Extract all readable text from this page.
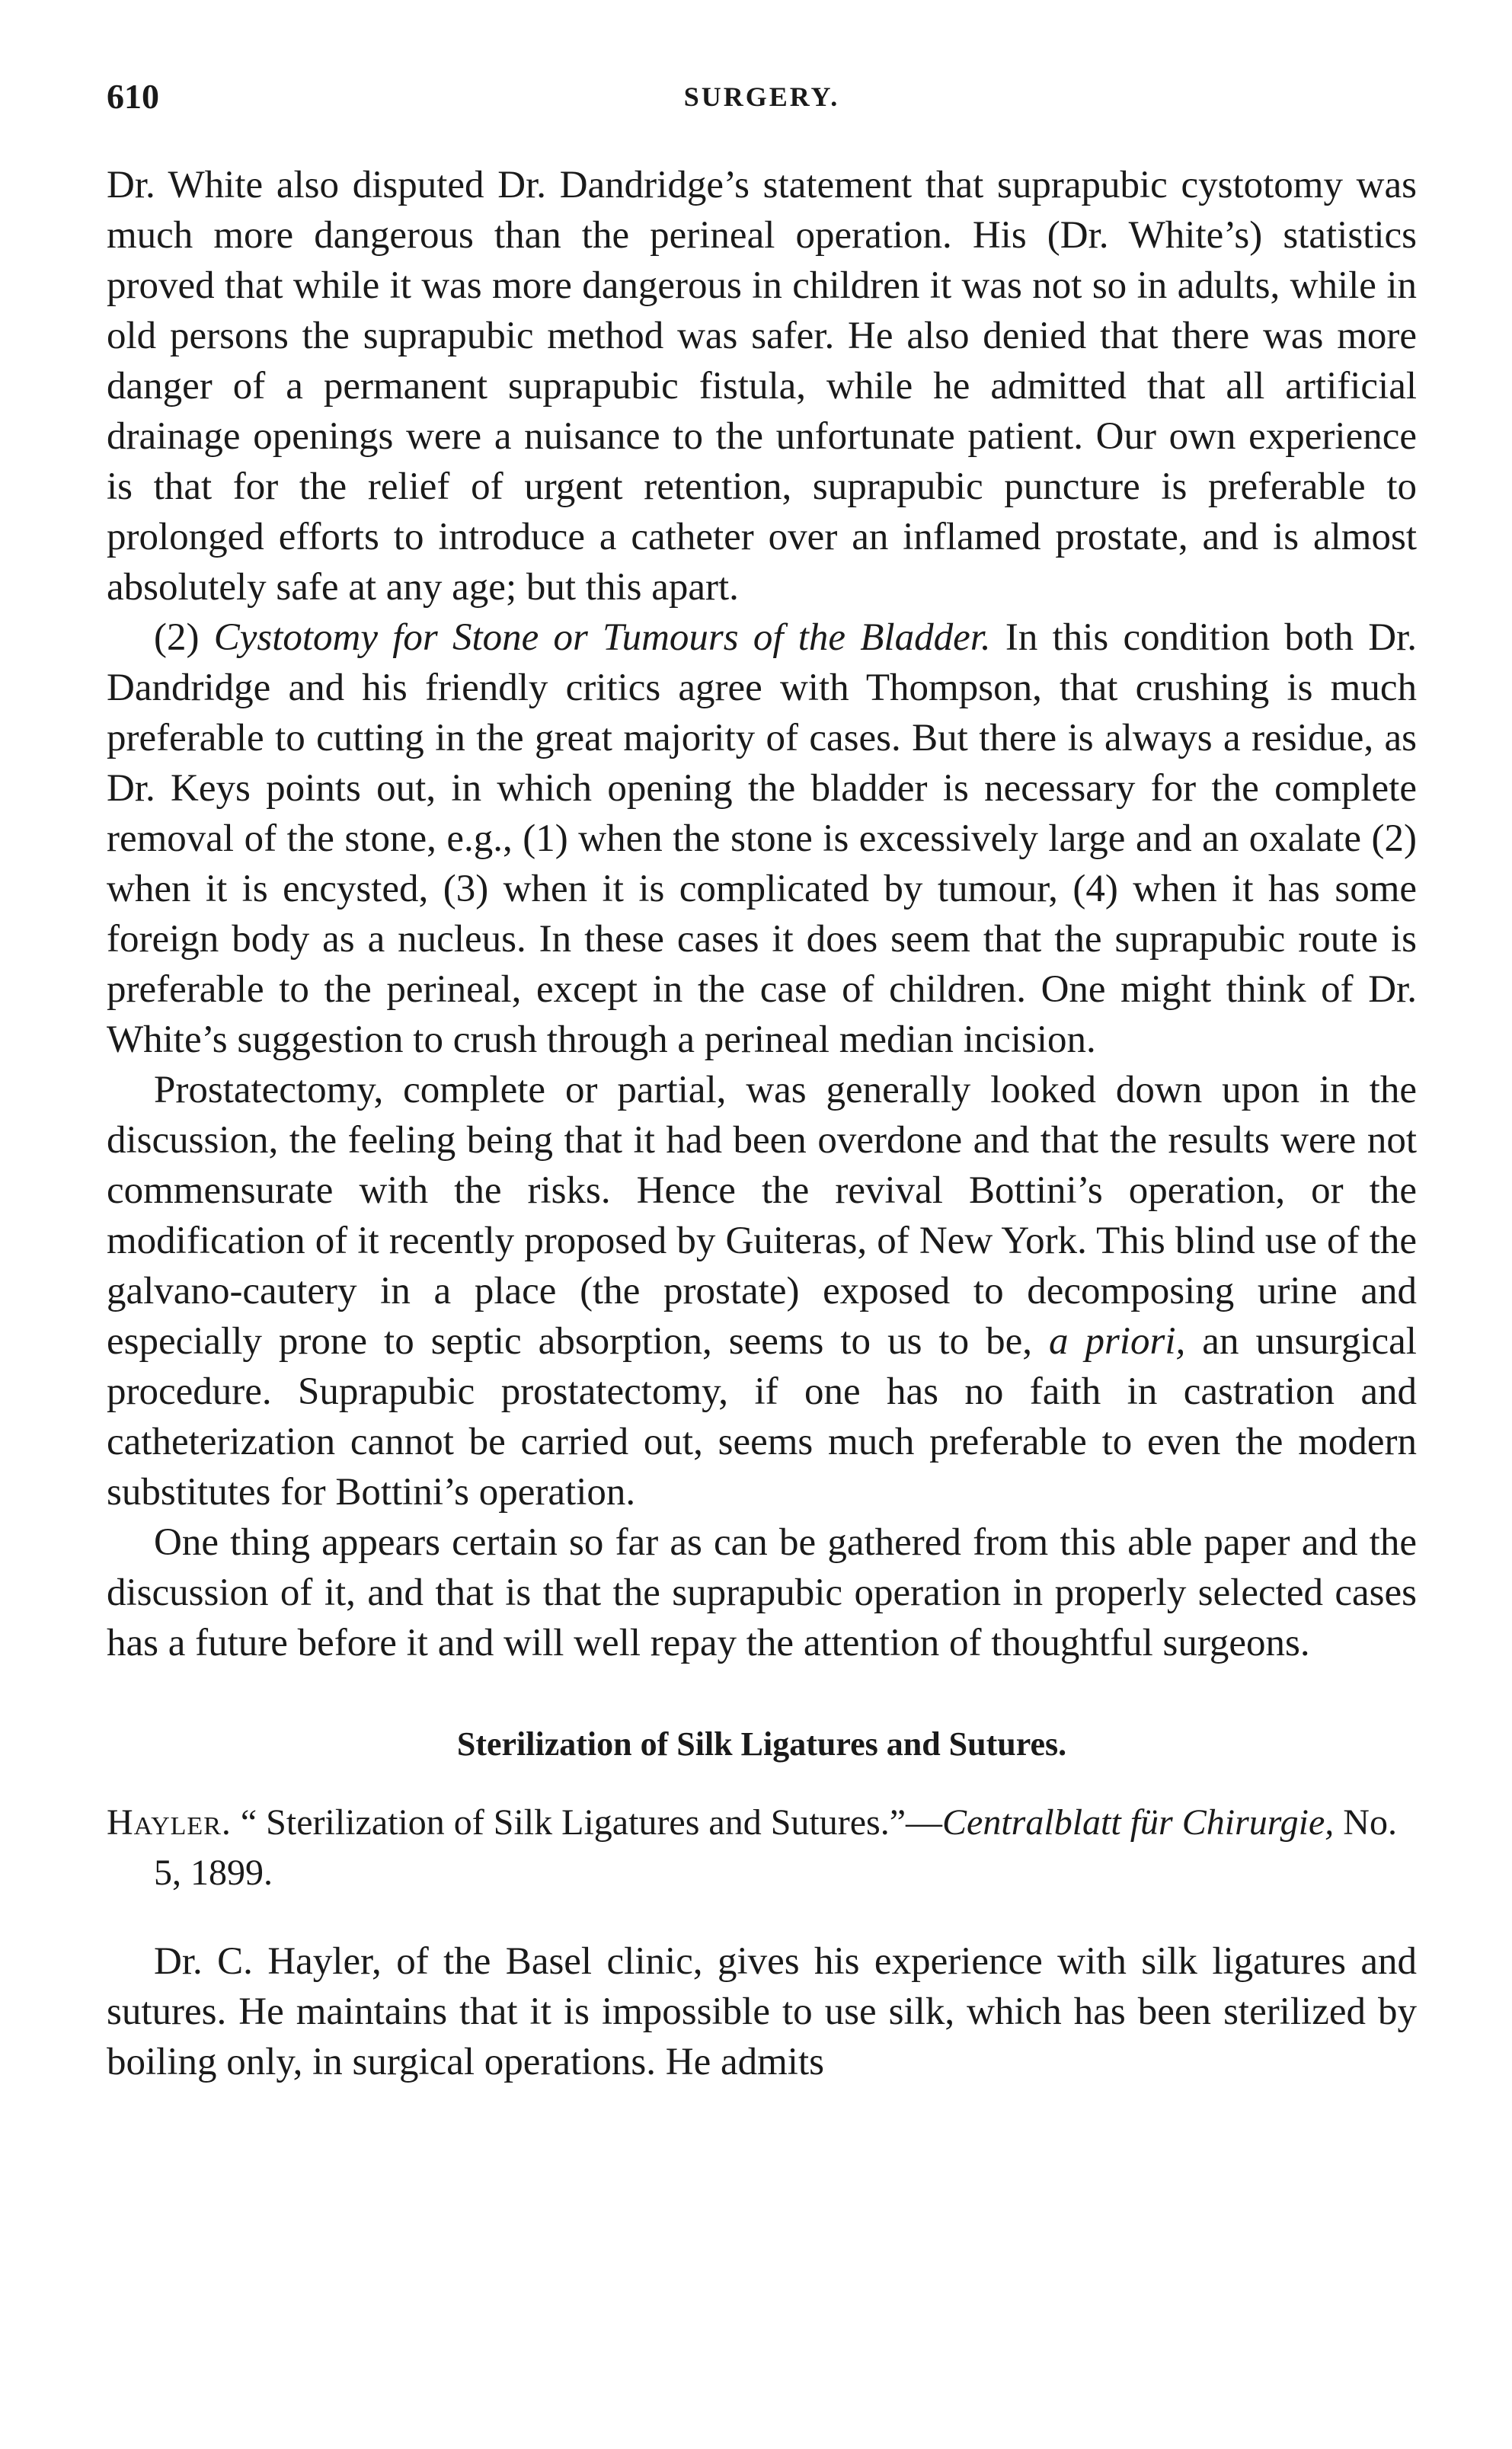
610	SURGERY.

Dr. White also disputed Dr. Dandridge’s statement that suprapubic cystotomy was much more dangerous than the perineal operation. His (Dr. White’s) statistics proved that while it was more dangerous in children it was not so in adults, while in old persons the suprapubic method was safer. He also denied that there was more danger of a permanent suprapubic fistula, while he admitted that all artificial drainage openings were a nuisance to the unfortunate patient. Our own experience is that for the relief of urgent retention, suprapubic puncture is preferable to prolonged efforts to introduce a catheter over an inflamed prostate, and is almost absolutely safe at any age; but this apart.

(2) Cystotomy for Stone or Tumours of the Bladder. In this condition both Dr. Dandridge and his friendly critics agree with Thompson, that crushing is much preferable to cutting in the great majority of cases. But there is always a residue, as Dr. Keys points out, in which opening the bladder is necessary for the complete removal of the stone, e.g., (1) when the stone is excessively large and an oxalate (2) when it is encysted, (3) when it is complicated by tumour, (4) when it has some foreign body as a nucleus. In these cases it does seem that the suprapubic route is preferable to the perineal, except in the case of children. One might think of Dr. White’s suggestion to crush through a perineal median incision.

Prostatectomy, complete or partial, was generally looked down upon in the discussion, the feeling being that it had been overdone and that the results were not commensurate with the risks. Hence the revival Bottini’s operation, or the modification of it recently proposed by Guiteras, of New York. This blind use of the galvano-cautery in a place (the prostate) exposed to decomposing urine and especially prone to septic absorption, seems to us to be, a priori, an unsurgical procedure. Suprapubic prostatectomy, if one has no faith in castration and catheterization cannot be carried out, seems much preferable to even the modern substitutes for Bottini’s operation.

One thing appears certain so far as can be gathered from this able paper and the discussion of it, and that is that the suprapubic operation in properly selected cases has a future before it and will well repay the attention of thoughtful surgeons.

Sterilization of Silk Ligatures and Sutures.
Hayler. “ Sterilization of Silk Ligatures and Sutures.”—Centralblatt für Chirurgie, No. 5, 1899.

Dr. C. Hayler, of the Basel clinic, gives his experience with silk ligatures and sutures. He maintains that it is impossible to use silk, which has been sterilized by boiling only, in surgical operations. He admits
